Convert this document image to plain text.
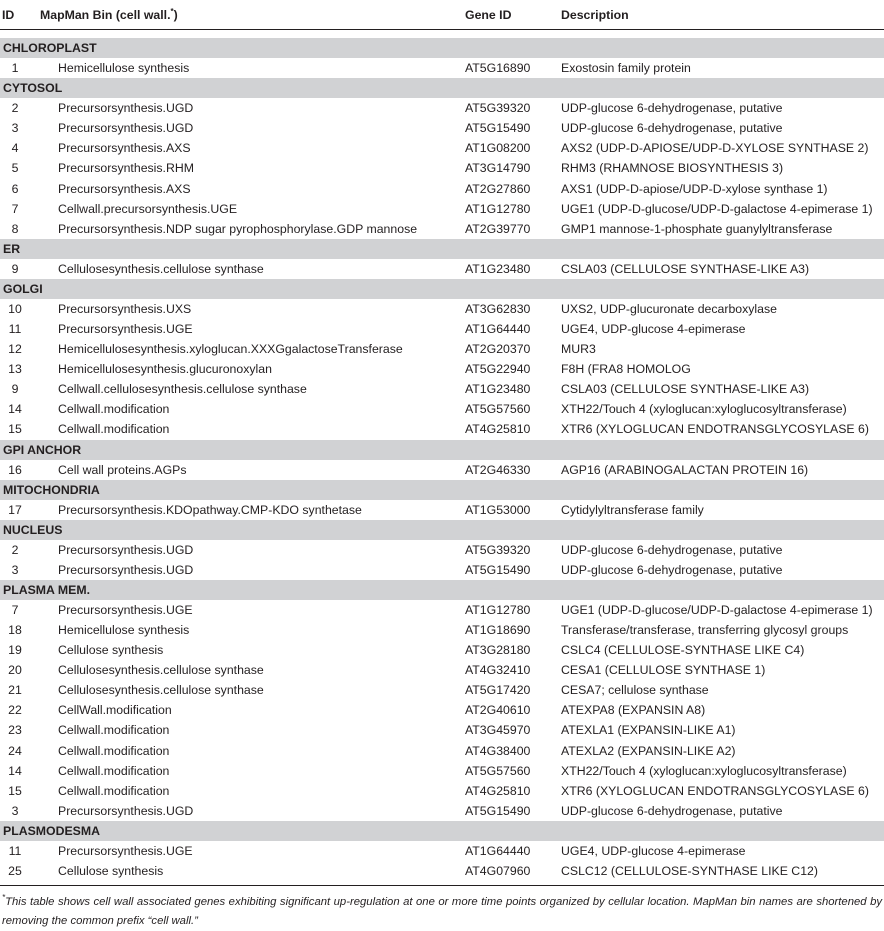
ID	MapMan Bin (cell wall.*)	Gene ID	Description

CHLOROPLAST			
1	Hemicellulose synthesis	AT5G16890	Exostosin family protein
CYTOSOL			
2	Precursorsynthesis.UGD	AT5G39320	UDP-glucose 6-dehydrogenase, putative
3	Precursorsynthesis.UGD	AT5G15490	UDP-glucose 6-dehydrogenase, putative
4	Precursorsynthesis.AXS	AT1G08200	AXS2 (UDP-D-APIOSE/UDP-D-XYLOSE SYNTHASE 2)
5	Precursorsynthesis.RHM	AT3G14790	RHM3 (RHAMNOSE BIOSYNTHESIS 3)
6	Precursorsynthesis.AXS	AT2G27860	AXS1 (UDP-D-apiose/UDP-D-xylose synthase 1)
7	Cellwall.precursorsynthesis.UGE	AT1G12780	UGE1 (UDP-D-glucose/UDP-D-galactose 4-epimerase 1)
8	Precursorsynthesis.NDP sugar pyrophosphorylase.GDP mannose	AT2G39770	GMP1 mannose-1-phosphate guanylyltransferase
ER			
9	Cellulosesynthesis.cellulose synthase	AT1G23480	CSLA03 (CELLULOSE SYNTHASE-LIKE A3)
GOLGI			
10	Precursorsynthesis.UXS	AT3G62830	UXS2, UDP-glucuronate decarboxylase
11	Precursorsynthesis.UGE	AT1G64440	UGE4, UDP-glucose 4-epimerase
12	Hemicellulosesynthesis.xyloglucan.XXXGgalactoseTransferase	AT2G20370	MUR3
13	Hemicellulosesynthesis.glucuronoxylan	AT5G22940	F8H (FRA8 HOMOLOG
9	Cellwall.cellulosesynthesis.cellulose synthase	AT1G23480	CSLA03 (CELLULOSE SYNTHASE-LIKE A3)
14	Cellwall.modification	AT5G57560	XTH22/Touch 4 (xyloglucan:xyloglucosyltransferase)
15	Cellwall.modification	AT4G25810	XTR6 (XYLOGLUCAN ENDOTRANSGLYCOSYLASE 6)
GPI ANCHOR			
16	Cell wall proteins.AGPs	AT2G46330	AGP16 (ARABINOGALACTAN PROTEIN 16)
MITOCHONDRIA			
17	Precursorsynthesis.KDOpathway.CMP-KDO synthetase	AT1G53000	Cytidylyltransferase family
NUCLEUS			
2	Precursorsynthesis.UGD	AT5G39320	UDP-glucose 6-dehydrogenase, putative
3	Precursorsynthesis.UGD	AT5G15490	UDP-glucose 6-dehydrogenase, putative
PLASMA MEM.			
7	Precursorsynthesis.UGE	AT1G12780	UGE1 (UDP-D-glucose/UDP-D-galactose 4-epimerase 1)
18	Hemicellulose synthesis	AT1G18690	Transferase/transferase, transferring glycosyl groups
19	Cellulose synthesis	AT3G28180	CSLC4 (CELLULOSE-SYNTHASE LIKE C4)
20	Cellulosesynthesis.cellulose synthase	AT4G32410	CESA1 (CELLULOSE SYNTHASE 1)
21	Cellulosesynthesis.cellulose synthase	AT5G17420	CESA7; cellulose synthase
22	CellWall.modification	AT2G40610	ATEXPA8 (EXPANSIN A8)
23	Cellwall.modification	AT3G45970	ATEXLA1 (EXPANSIN-LIKE A1)
24	Cellwall.modification	AT4G38400	ATEXLA2 (EXPANSIN-LIKE A2)
14	Cellwall.modification	AT5G57560	XTH22/Touch 4 (xyloglucan:xyloglucosyltransferase)
15	Cellwall.modification	AT4G25810	XTR6 (XYLOGLUCAN ENDOTRANSGLYCOSYLASE 6)
3	Precursorsynthesis.UGD	AT5G15490	UDP-glucose 6-dehydrogenase, putative
PLASMODESMA			
11	Precursorsynthesis.UGE	AT1G64440	UGE4, UDP-glucose 4-epimerase
25	Cellulose synthesis	AT4G07960	CSLC12 (CELLULOSE-SYNTHASE LIKE C12)
*This table shows cell wall associated genes exhibiting significant up-regulation at one or more time points organized by cellular location. MapMan bin names are shortened by removing the common prefix “cell wall.”
